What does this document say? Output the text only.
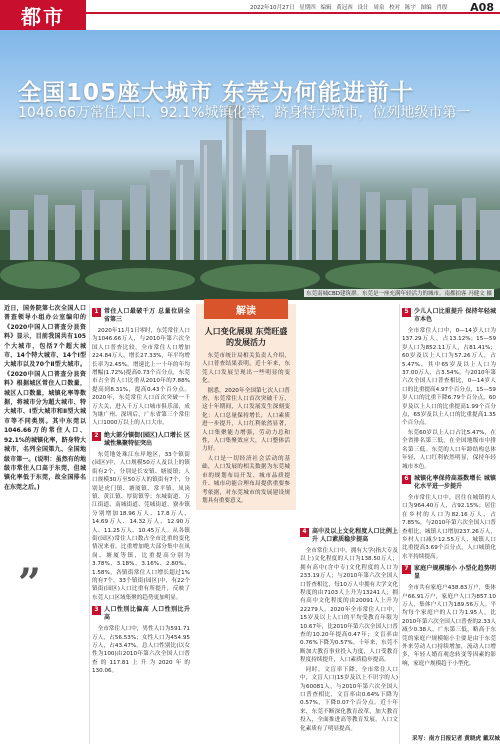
都市	2022年10月27日 星期四 编辑 黄冠西 设计 周泉 校对 陈宇 图编 肖殷 A08
全国105座大城市 东莞为何能进前十
1046.66万常住人口、92.1%城镇化率，跻身特大城市，位列地级市第一
东莞南城CBD建筑群。东莞是一座充满年轻活力的城市。南都拍客 冯健文 摄

近日，国务院第七次全国人口普查领导小组办公室编印的《2020中国人口普查分县资料》显示，目前我国共有105个大城市，包括7个超大城市、14个特大城市、14个Ⅰ型大城市以及70个Ⅱ型大城市。《2020中国人口普查分县资料》根据城区常住人口数量，城区人口数量，城镇化率等数据，将城市分为超大城市、特大城市、Ⅰ型大城市和Ⅱ型大城市等不同类别。其中东莞以1046.66万的常住人口、92.1%的城镇化率，跻身特大城市，名列全国第九、全国地级市第一。(说明：虽然有的地级市常住人口高于东莞，但城镇化率低于东莞，故全国排名在东莞之后。)

”
1 常住人口最破千万 总量位居全省第三

2020年11月1日零时，东莞常住人口为1046.66万人，与2010年第六次全国人口普查比较，全市常住人口增加224.84万人，增长27.33%，年平均增长率为2.45%。增速比上一十年的年均增幅(1.72%)提高0.73个百分点，东莞市占全省人口比重从2010年的7.88%提高到8.31%，提高0.43个百分点。2020年，东莞常住人口首次突破一千万大关，进入千万人口城市俱乐部，成为继广州、深圳后，广东省第三个常住人口1000万以上的人口大市。

2 绝大部分镇街(园区)人口增长 区域性集聚特征突出

东莞地处珠江东岸地区，33个镇街(园区)中，人口规模50万人及以上的镇街有2个，分别是长安镇、塘厦镇；人口规模30万至50万人的镇街有7个，分别是虎门镇、塘厦镇、常平镇、凤岗镇、黄江镇、厚街镇等；东城街道、万江街道、南城街道、莞城街道、寮步镇分别增加18.96万人、17.8万人、14.69万人、14.32万人、12.90万人、11.25万人、10.45万人。从各镇街(园区)常住人口数占全市比重的变化情况来看，比重增加绝大部分集中在凤岗、塘厦等镇，比重提高分别为3.78%、3.18%、3.16%、2.80%、1.58%，各镇街常住人口增长超过1%的有7个，33个镇街(园区)中，有22个镇街(园区)人口比重有所提升，反映了东莞人口区域集聚的趋势更加明显。

3 人口性别比偏高 人口性别比升高

全市常住人口中，男性人口为591.71万人，占56.53%；女性人口为454.95万人，占43.47%。总人口性别比(以女性为100)由2010年第六次全国人口普查的117.81上升为2020年的130.06。

解读
人口变化展现 东莞旺盛的发展活力

东莞市统计局相关负责人介绍，人口普查结果表明，近十年来，东莞人口发展呈现出一些明显的变化。

据悉，2020年全国第七次人口普查，东莞常住人口首次突破千万，这十年期间，人口发展发生深刻变化：人口总量保持增长，人口素质进一步提升，人口红利依然显著，人口集聚能力增强，劳动力总和性，人口集聚效应大，人口整体活力好。

人口是一切经济社会活动的基础，人口发展的相关数据为东莞城市的规划布局开发、城市品质提升、城市功能合理布局提供重要参考依据，对东莞城市的发展建设规划具有重要意义。

4 高中及以上文化程度人口比例上升 人口素质稳步提高

全市常住人口中，拥有大学(指大专及以上)文化程度的人口为138.50万人；拥有高中(含中专)文化程度的人口为233.19万人；与2010年第六次全国人口普查相比，每10万人中拥有大学文化程度的由7103人上升为13241人；拥有高中文化程度的由20091人上升为22279人。2020年全市常住人口中，15岁及以上人口的平均受教育年限为10.67年，比2010年第六次全国人口普查的10.20年提高0.47年；文盲率由0.76%下降为0.57%。十年来，东莞不断加大教育事业投入力度，人口受教育程度持续提升，人口素质稳步提高。

同时，文盲率下降，全市常住人口中，文盲人口(15岁及以上不识字的人)为60081人，与2010年第六次全国人口普查相比，文盲率由0.64%下降为0.57%，下降0.07个百分点。近十年来，东莞不断深化教育改革，加大教育投入，全面推进高等教育发展，人口文化素质有了明显提高。

5 少儿人口比重提升 保持年轻城市本色

全市常住人口中，0—14岁人口为137.29万人，占13.12%；15—59岁人口为852.11万人，占81.41%；60岁及以上人口为57.26万人，占5.47%，其中65岁及以上人口为37.00万人，占3.54%。与2010年第六次全国人口普查相比，0—14岁人口的比重提高4.97个百分点，15—59岁人口的比重下降6.79个百分点，60岁及以上人口的比重提高1.99个百分点，65岁及以上人口的比重提高1.35个百分点。

东莞60岁以上人口占比5.47%，在全省排名第三低，在全国地级市中排名第三低。东莞的人口年龄结构总体年轻，人口红利依然明显，保持年轻城市本色。

6 城镇化率保持高基数增长 城镇化水平进一步提升

全市常住人口中，居住在城镇的人口为964.40万人，占92.15%；居住在乡村的人口为82.16万人，占7.85%。与2010年第六次全国人口普查相比，城镇人口增加237.26万人，乡村人口减少12.55万人，城镇人口比重提高3.69个百分点，人口城镇化水平持续提高。

7 家庭户规模缩小 小型化趋势明显

全市共有家庭户438.83万户，集体户66.91万户，家庭户人口为857.10万人，集体户人口为189.56万人。平均每个家庭户的人口为1.95人，比2010年第六次全国人口普查的2.33人减少0.38人，广东第三低，略高于东莞的家庭户规模缩小主要是由于东莞外来劳动人口持续增加，流动人口增多，年轻人婚育观念转变等因素的影响，家庭户规模趋于小型化。

采写：南方日报记者 黄晓虎 戴双城
